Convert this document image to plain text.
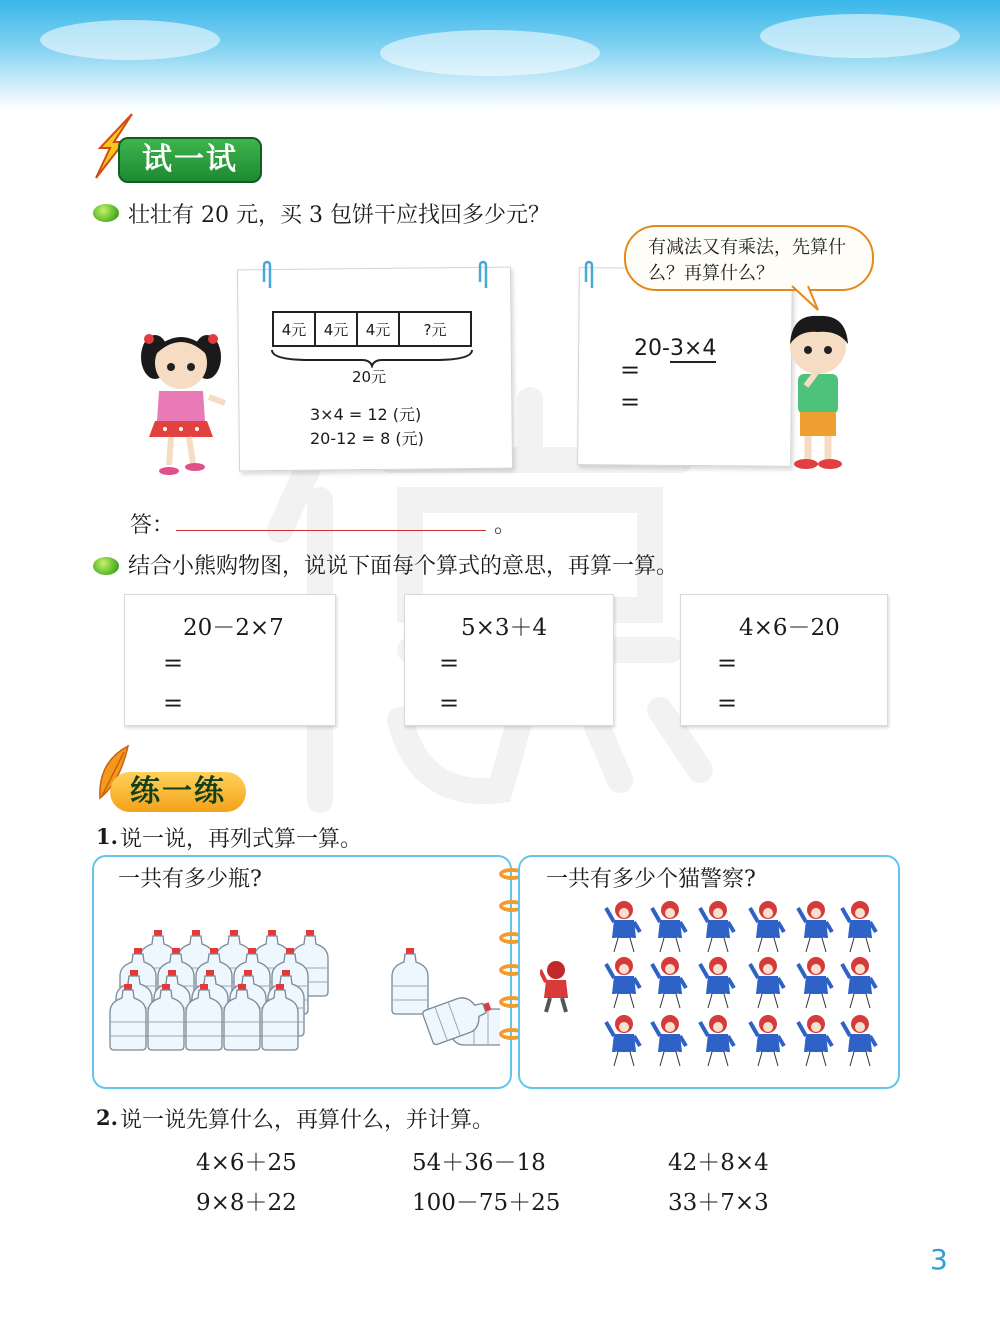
试一试
壮壮有 20 元，买 3 包饼干应找回多少元？
4元	4元	4元	?元
20元
3×4 = 12 (元)
20-12 = 8 (元)
有减法又有乘法，先算什么？再算什么？
20-3×4
=
=
答：	。
结合小熊购物图，说说下面每个算式的意思，再算一算。
20－2×7
=
=
5×3＋4
=
=
4×6－20
=
=
练一练
1. 说一说，再列式算一算。
一共有多少瓶?	一共有多少个猫警察?
2. 说一说先算什么，再算什么，并计算。
4×6＋25	54＋36－18	42＋8×4
9×8＋22	100－75＋25	33＋7×3
3
